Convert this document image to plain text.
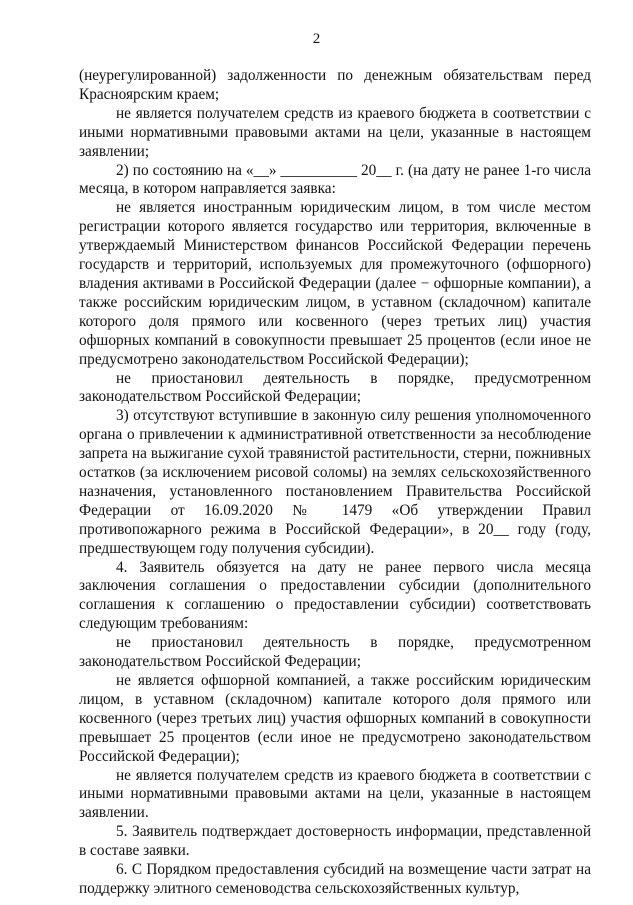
2

(неурегулированной) задолженности по денежным обязательствам перед Красноярским краем;

не является получателем средств из краевого бюджета в соответствии с иными нормативными правовыми актами на цели, указанные в настоящем заявлении;

2) по состоянию на «__» __________ 20__ г. (на дату не ранее 1-го числа месяца, в котором направляется заявка:

не является иностранным юридическим лицом, в том числе местом регистрации которого является государство или территория, включенные в утверждаемый Министерством финансов Российской Федерации перечень государств и территорий, используемых для промежуточного (офшорного) владения активами в Российской Федерации (далее − офшорные компании), а также российским юридическим лицом, в уставном (складочном) капитале которого доля прямого или косвенного (через третьих лиц) участия офшорных компаний в совокупности превышает 25 процентов (если иное не предусмотрено законодательством Российской Федерации);

не приостановил деятельность в порядке, предусмотренном законодательством Российской Федерации;

3) отсутствуют вступившие в законную силу решения уполномоченного органа о привлечении к административной ответственности за несоблюдение запрета на выжигание сухой травянистой растительности, стерни, пожнивных остатков (за исключением рисовой соломы) на землях сельскохозяйственного назначения, установленного постановлением Правительства Российской Федерации от 16.09.2020 № 1479 «Об утверждении Правил противопожарного режима в Российской Федерации», в 20__ году (году, предшествующем году получения субсидии).

4. Заявитель обязуется на дату не ранее первого числа месяца заключения соглашения о предоставлении субсидии (дополнительного соглашения к соглашению о предоставлении субсидии) соответствовать следующим требованиям:

не приостановил деятельность в порядке, предусмотренном законодательством Российской Федерации;

не является офшорной компанией, а также российским юридическим лицом, в уставном (складочном) капитале которого доля прямого или косвенного (через третьих лиц) участия офшорных компаний в совокупности превышает 25 процентов (если иное не предусмотрено законодательством Российской Федерации);

не является получателем средств из краевого бюджета в соответствии с иными нормативными правовыми актами на цели, указанные в настоящем заявлении.

5. Заявитель подтверждает достоверность информации, представленной в составе заявки.

6. С Порядком предоставления субсидий на возмещение части затрат на поддержку элитного семеноводства сельскохозяйственных культур,
